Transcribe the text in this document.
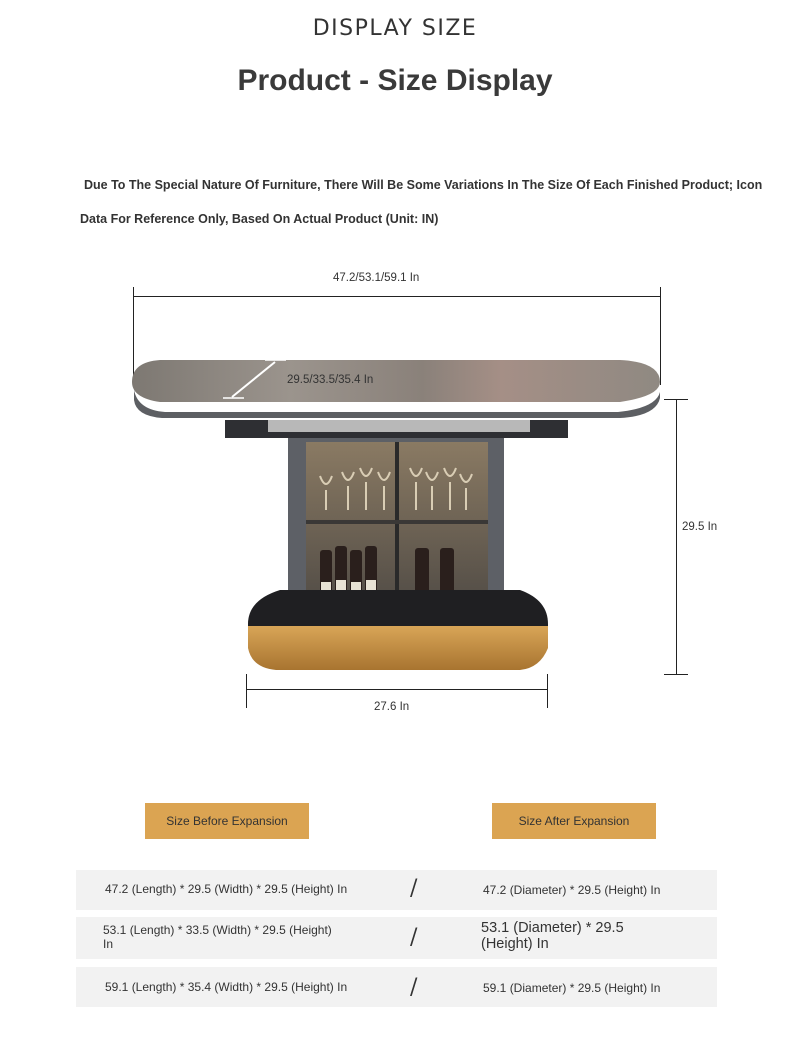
DISPLAY SIZE
Product - Size Display
Due To The Special Nature Of Furniture, There Will Be Some Variations In The Size Of Each Finished Product; Icon
Data For Reference Only, Based On Actual Product (Unit: IN)
47.2/53.1/59.1 In
29.5/33.5/35.4 In
29.5 In
27.6 In
Size Before Expansion	Size After Expansion
47.2 (Length) * 29.5 (Width) * 29.5 (Height) In	/	47.2 (Diameter) * 29.5 (Height) In
53.1 (Length) * 33.5 (Width) * 29.5 (Height) In	/	53.1 (Diameter) * 29.5 (Height) In
59.1 (Length) * 35.4 (Width) * 29.5 (Height) In	/	59.1 (Diameter) * 29.5 (Height) In
